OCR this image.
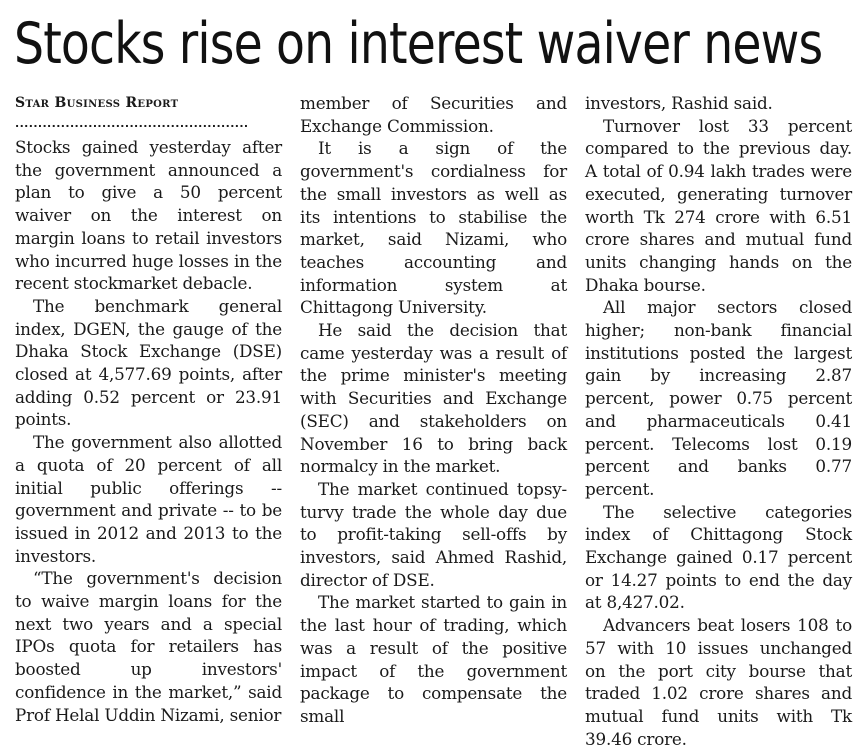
Stocks rise on interest waiver news
Star Business Report
...................................................

Stocks gained yesterday after the government announced a plan to give a 50 percent waiver on the interest on margin loans to retail investors who incurred huge losses in the recent stockmarket debacle.

The benchmark general index, DGEN, the gauge of the Dhaka Stock Exchange (DSE) closed at 4,577.69 points, after adding 0.52 percent or 23.91 points.

The government also allotted a quota of 20 percent of all initial public offerings -- government and private -- to be issued in 2012 and 2013 to the investors.

“The government's decision to waive margin loans for the next two years and a special IPOs quota for retailers has boosted up investors' confidence in the market,” said Prof Helal Uddin Nizami, senior

member of Securities and Exchange Commission.

It is a sign of the government's cordialness for the small investors as well as its intentions to stabilise the market, said Nizami, who teaches accounting and information system at Chittagong University.

He said the decision that came yesterday was a result of the prime minister's meeting with Securities and Exchange (SEC) and stakeholders on November 16 to bring back normalcy in the market.

The market continued topsy-turvy trade the whole day due to profit-taking sell-offs by investors, said Ahmed Rashid, director of DSE.

The market started to gain in the last hour of trading, which was a result of the positive impact of the government package to compensate the small

investors, Rashid said.

Turnover lost 33 percent compared to the previous day. A total of 0.94 lakh trades were executed, generating turnover worth Tk 274 crore with 6.51 crore shares and mutual fund units changing hands on the Dhaka bourse.

All major sectors closed higher; non-bank financial institutions posted the largest gain by increasing 2.87 percent, power 0.75 percent and pharmaceuticals 0.41 percent. Telecoms lost 0.19 percent and banks 0.77 percent.

The selective categories index of Chittagong Stock Exchange gained 0.17 percent or 14.27 points to end the day at 8,427.02.

Advancers beat losers 108 to 57 with 10 issues unchanged on the port city bourse that traded 1.02 crore shares and mutual fund units with Tk 39.46 crore.
